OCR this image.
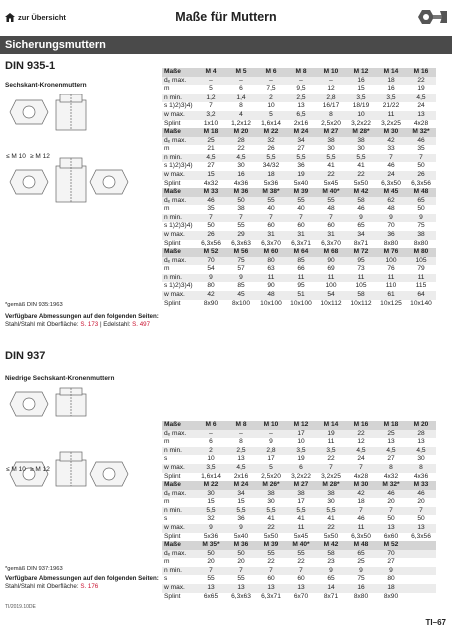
zur Übersicht	Maße für Muttern
Sicherungsmuttern
DIN 935-1
Sechskant-Kronenmuttern
≤ M 10 ≥ M 12
Maße	M 4	M 5	M 6	M 8	M 10	M 12	M 14	M 16
dₑ max.	–	–	–	–	–	16	18	22
m	5	6	7,5	9,5	12	15	16	19
n min.	1,2	1,4	2	2,5	2,8	3,5	3,5	4,5
s 1)2)3)4)	7	8	10	13	16/17	18/19	21/22	24
w max.	3,2	4	5	6,5	8	10	11	13
Splint	1x10	1,2x12	1,6x14	2x16	2,5x20	3,2x22	3,2x25	4x28
Maße	M 18	M 20	M 22	M 24	M 27	M 28*	M 30	M 32*
dₑ max.	25	28	32	34	38	38	42	46
m	21	22	26	27	30	30	33	35
n min.	4,5	4,5	5,5	5,5	5,5	5,5	7	7
s 1)2)3)4)	27	30	34/32	36	41	41	46	50
w max.	15	16	18	19	22	22	24	26
Splint	4x32	4x36	5x36	5x40	5x45	5x50	6,3x50	6,3x56
Maße	M 33	M 36	M 38*	M 39	M 40*	M 42	M 45	M 48
dₑ max.	46	50	55	55	55	58	62	65
m	35	38	40	40	48	46	48	50
n min.	7	7	7	7	7	9	9	9
s 1)2)3)4)	50	55	60	60	60	65	70	75
w max.	26	29	31	31	31	34	36	38
Splint	6,3x56	6,3x63	6,3x70	6,3x71	6,3x70	8x71	8x80	8x80
Maße	M 52	M 56	M 60	M 64	M 68	M 72	M 76	M 80
dₑ max.	70	75	80	85	90	95	100	105
m	54	57	63	66	69	73	76	79
n min.	9	9	11	11	11	11	11	11
s 1)2)3)4)	80	85	90	95	100	105	110	115
w max.	42	45	48	51	54	58	61	64
Splint	8x90	8x100	10x100	10x100	10x112	10x112	10x125	10x140
*gemäß DIN 935:1963
Verfügbare Abmessungen auf den folgenden Seiten:
Stahl/Stahl mit Oberfläche: S. 173 | Edelstahl: S. 497
DIN 937
Niedrige Sechskant-Kronenmuttern
≤ M 10 ≥ M 12
Maße	M 6	M 8	M 10	M 12	M 14	M 16	M 18	M 20
dₑ max.	–	–	–	17	19	22	25	28
m	6	8	9	10	11	12	13	13
n min.	2	2,5	2,8	3,5	3,5	4,5	4,5	4,5
s	10	13	17	19	22	24	27	30
w max.	3,5	4,5	5	6	7	7	8	8
Splint	1,6x14	2x16	2,5x20	3,2x22	3,2x25	4x28	4x32	4x36
Maße	M 22	M 24	M 26*	M 27	M 28*	M 30	M 32*	M 33
dₑ max.	30	34	38	38	38	42	46	46
m	15	15	30	17	30	18	20	20
n min.	5,5	5,5	5,5	5,5	5,5	7	7	7
s	32	36	41	41	41	46	50	50
w max.	9	9	22	11	22	11	13	13
Splint	5x36	5x40	5x50	5x45	5x50	6,3x50	6x60	6,3x56
Maße	M 35*	M 36	M 39	M 40*	M 42	M 48	M 52	
dₑ max.	50	50	55	55	58	65	70	
m	20	20	22	22	23	25	27	
n min.	7	7	7	7	9	9	9	
s	55	55	60	60	65	75	80	
w max.	13	13	13	13	14	16	18	
Splint	6x65	6,3x63	6,3x71	6x70	8x71	8x80	8x90	
*gemäß DIN 937:1963
Verfügbare Abmessungen auf den folgenden Seiten:
Stahl/Stahl mit Oberfläche: S. 176
TI/2019.10DE
TI–67
